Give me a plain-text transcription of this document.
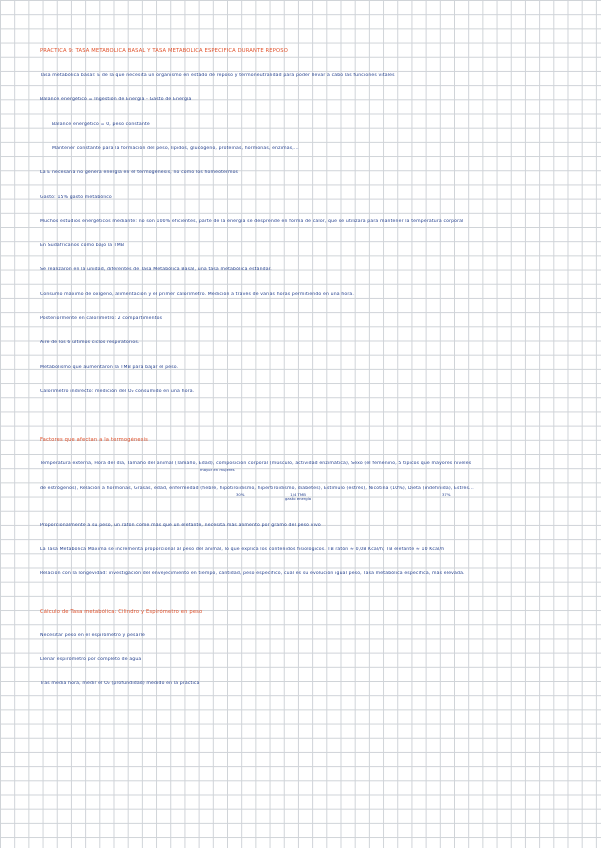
PRÁCTICA 9: TASA METABÓLICA BASAL Y TASA METABÓLICA ESPECÍFICA DURANTE REPOSO
Tasa metabólica basal: E de la que necesita un organismo en estado de reposo y termoneutralidad para poder llevar a cabo las funciones vitales
Balance energético = Ingestión de Energía - Gasto de Energía
Balance energético = 0, peso constante
Mantener constante para la formación del peso, lípidos, glucógeno, proteínas, hormonas, enzimas,...
La E necesaria no genera energía en el termogénesis, no como los homeotermos
Gasto: 15% gasto metabólico
Muchos estudios energéticos mediante: no son 100% eficientes, parte de la energía se desprende en forma de calor, que se utilizara para mantener la temperatura corporal
En Sudafricanos como bajo la TMB
Se realizaron en la unidad, diferentes de Tasa Metabólica Basal, una tasa metabólica estándar.
Consumo máximo de oxígeno, alimentación y el primer calorímetro. Medición a través de varias horas permitiendo en una hora.
Posteriormente en calorímetro: 2 compartimentos
Aire de los 6 últimos ciclos respiratorios.
Metabolismo que aumentaron la TMB para bajar el peso.
Calorímetro indirecto: medición del O₂ consumido en una hora.
Factores que afectan a la termogénesis
Temperatura externa, Hora del día, Tamaño del animal (Tamaño, Edad), composición corporal (músculo, actividad enzimática), Sexo (el femenino, 5 típicos que mayores niveles
mayor en mujeres
de estrógenos), Relación a hormonas, Grasas, edad, enfermedad (fiebre, hipotiroidismo, hipertiroidismo, diabetes), Estímulo (estrés), Nicotina (10%), Dieta (indefinida), Estrés...
30%	1/4 TMB
gasto energía
37%
Proporcionalmente a su peso, un ratón come más que un elefante, necesita más alimento por gramo del peso vivo
La Tasa Metabólica Máxima se incrementa proporcional al peso del animal, lo que explica los contenidos fisiológicos. TB ratón ≈ 0,08 Kcal/h; TB elefante ≈ 10 Kcal/h
Relación con la longevidad: investigación del envejecimiento en tiempo, cantidad, peso específico, cuál es su evolución igual peso, Tasa metabólica específica, más elevada.
Cálculo de Tasa metabólica: Cilindro y Espirómetro en peso
Necesitar peso en el espirómetro y pesarle
Llenar espirómetro por completo de agua
Tras media hora, medir el O₂ (profundidad) medido en la práctica
